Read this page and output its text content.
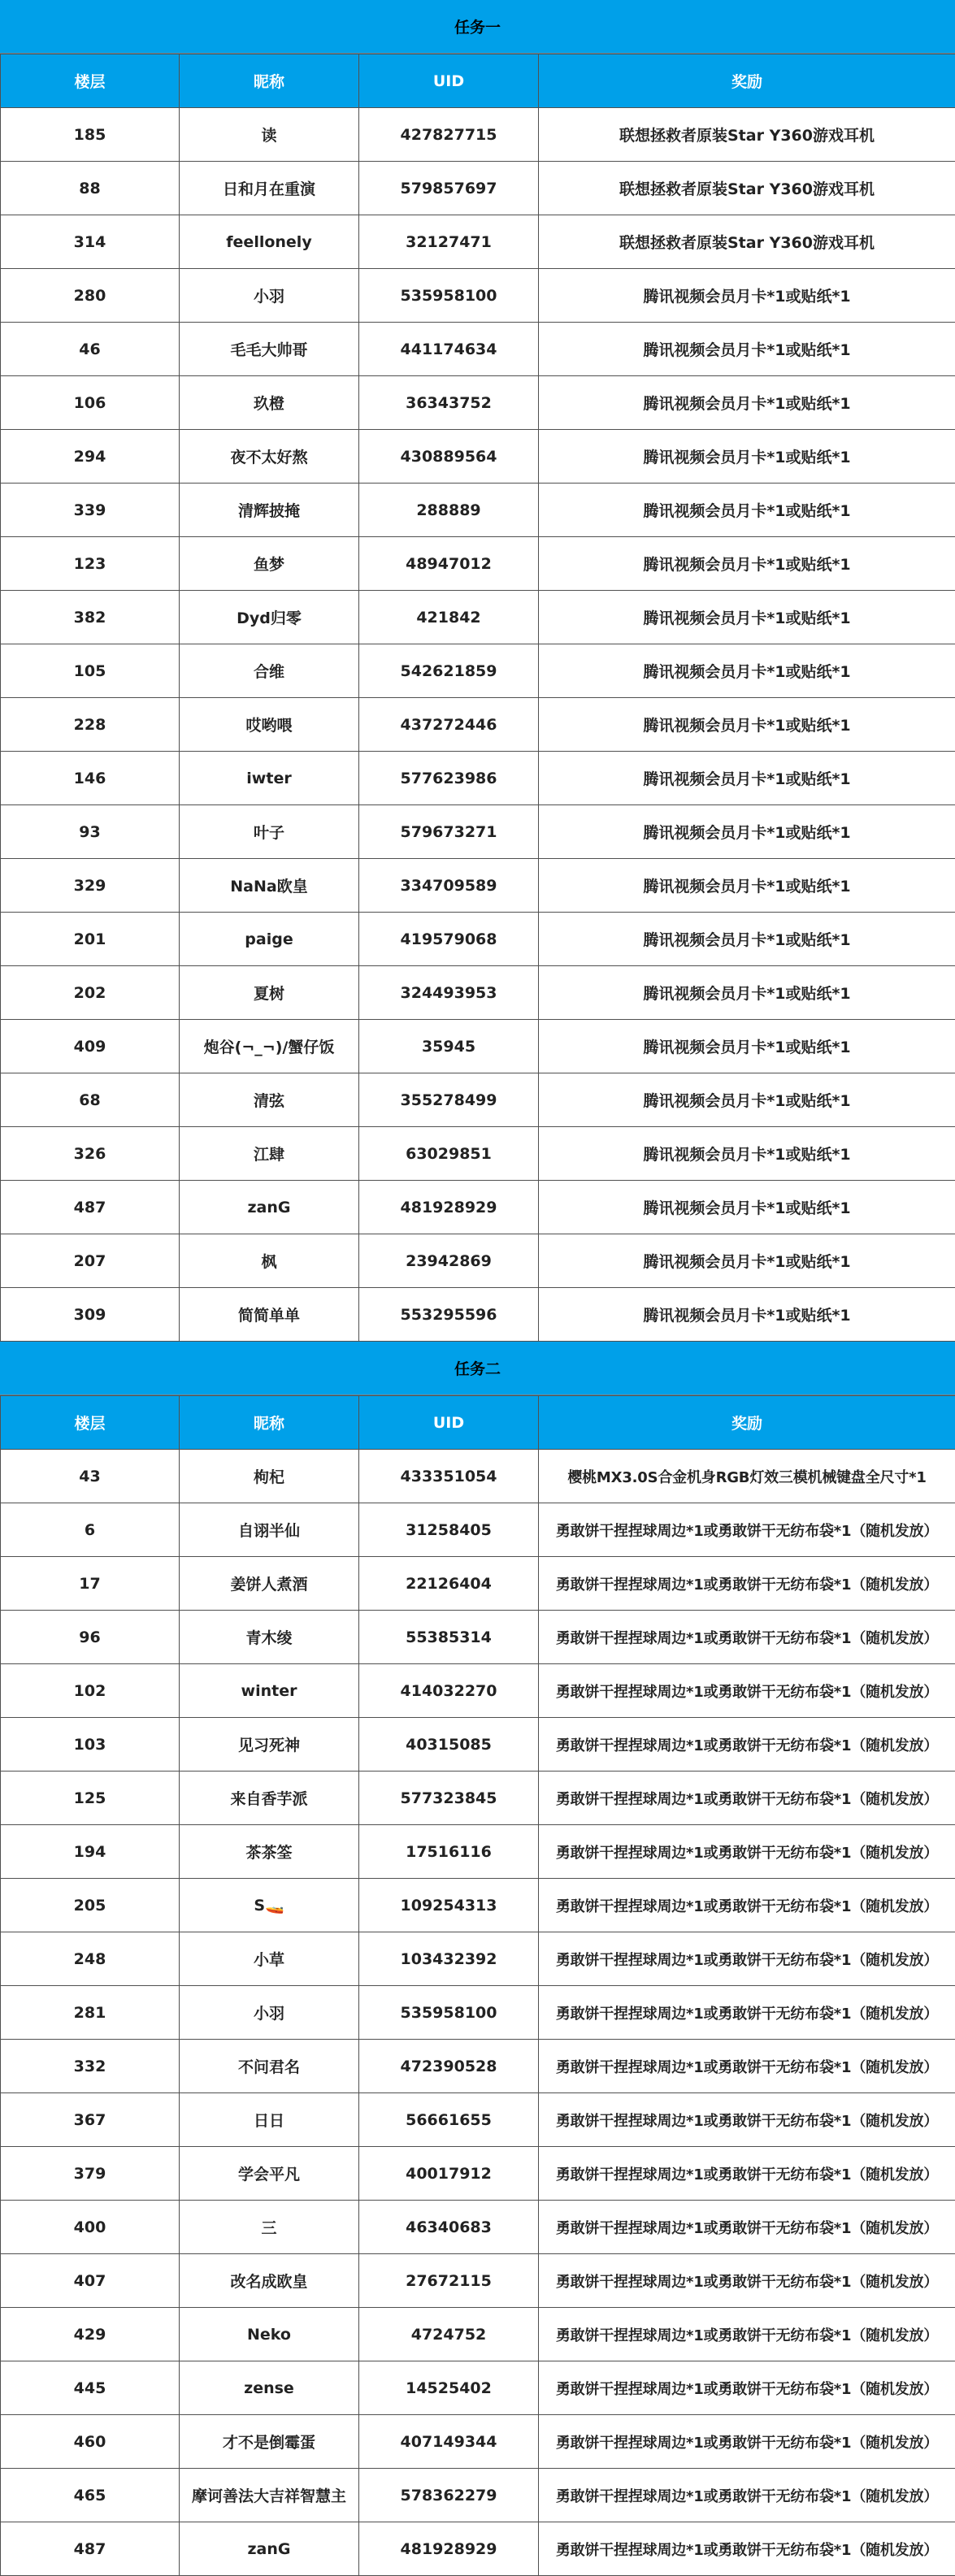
任务一
楼层	昵称	UID	奖励
185	读	427827715	联想拯救者原装Star Y360游戏耳机
88	日和月在重演	579857697	联想拯救者原装Star Y360游戏耳机
314	feellonely	32127471	联想拯救者原装Star Y360游戏耳机
280	小羽	535958100	腾讯视频会员月卡*1或贴纸*1
46	毛毛大帅哥	441174634	腾讯视频会员月卡*1或贴纸*1
106	玖橙	36343752	腾讯视频会员月卡*1或贴纸*1
294	夜不太好熬	430889564	腾讯视频会员月卡*1或贴纸*1
339	清辉披掩	288889	腾讯视频会员月卡*1或贴纸*1
123	鱼梦	48947012	腾讯视频会员月卡*1或贴纸*1
382	Dyd归零	421842	腾讯视频会员月卡*1或贴纸*1
105	合维	542621859	腾讯视频会员月卡*1或贴纸*1
228	哎哟喂	437272446	腾讯视频会员月卡*1或贴纸*1
146	iwter	577623986	腾讯视频会员月卡*1或贴纸*1
93	叶子	579673271	腾讯视频会员月卡*1或贴纸*1
329	NaNa欧皇	334709589	腾讯视频会员月卡*1或贴纸*1
201	paige	419579068	腾讯视频会员月卡*1或贴纸*1
202	夏树	324493953	腾讯视频会员月卡*1或贴纸*1
409	炮谷(¬_¬)/蟹仔饭	35945	腾讯视频会员月卡*1或贴纸*1
68	清弦	355278499	腾讯视频会员月卡*1或贴纸*1
326	江肆	63029851	腾讯视频会员月卡*1或贴纸*1
487	zanG	481928929	腾讯视频会员月卡*1或贴纸*1
207	枫	23942869	腾讯视频会员月卡*1或贴纸*1
309	简简单单	553295596	腾讯视频会员月卡*1或贴纸*1
任务二
楼层	昵称	UID	奖励
43	枸杞	433351054	樱桃MX3.0S合金机身RGB灯效三模机械键盘全尺寸*1
6	自诩半仙	31258405	勇敢饼干捏捏球周边*1或勇敢饼干无纺布袋*1（随机发放）
17	姜饼人煮酒	22126404	勇敢饼干捏捏球周边*1或勇敢饼干无纺布袋*1（随机发放）
96	青木绫	55385314	勇敢饼干捏捏球周边*1或勇敢饼干无纺布袋*1（随机发放）
102	winter	414032270	勇敢饼干捏捏球周边*1或勇敢饼干无纺布袋*1（随机发放）
103	见习死神	40315085	勇敢饼干捏捏球周边*1或勇敢饼干无纺布袋*1（随机发放）
125	来自香芋派	577323845	勇敢饼干捏捏球周边*1或勇敢饼干无纺布袋*1（随机发放）
194	茶茶筌	17516116	勇敢饼干捏捏球周边*1或勇敢饼干无纺布袋*1（随机发放）
205	S🚤	109254313	勇敢饼干捏捏球周边*1或勇敢饼干无纺布袋*1（随机发放）
248	小草	103432392	勇敢饼干捏捏球周边*1或勇敢饼干无纺布袋*1（随机发放）
281	小羽	535958100	勇敢饼干捏捏球周边*1或勇敢饼干无纺布袋*1（随机发放）
332	不问君名	472390528	勇敢饼干捏捏球周边*1或勇敢饼干无纺布袋*1（随机发放）
367	日日	56661655	勇敢饼干捏捏球周边*1或勇敢饼干无纺布袋*1（随机发放）
379	学会平凡	40017912	勇敢饼干捏捏球周边*1或勇敢饼干无纺布袋*1（随机发放）
400	三	46340683	勇敢饼干捏捏球周边*1或勇敢饼干无纺布袋*1（随机发放）
407	改名成欧皇	27672115	勇敢饼干捏捏球周边*1或勇敢饼干无纺布袋*1（随机发放）
429	Neko	4724752	勇敢饼干捏捏球周边*1或勇敢饼干无纺布袋*1（随机发放）
445	zense	14525402	勇敢饼干捏捏球周边*1或勇敢饼干无纺布袋*1（随机发放）
460	才不是倒霉蛋	407149344	勇敢饼干捏捏球周边*1或勇敢饼干无纺布袋*1（随机发放）
465	摩诃善法大吉祥智慧主	578362279	勇敢饼干捏捏球周边*1或勇敢饼干无纺布袋*1（随机发放）
487	zanG	481928929	勇敢饼干捏捏球周边*1或勇敢饼干无纺布袋*1（随机发放）
